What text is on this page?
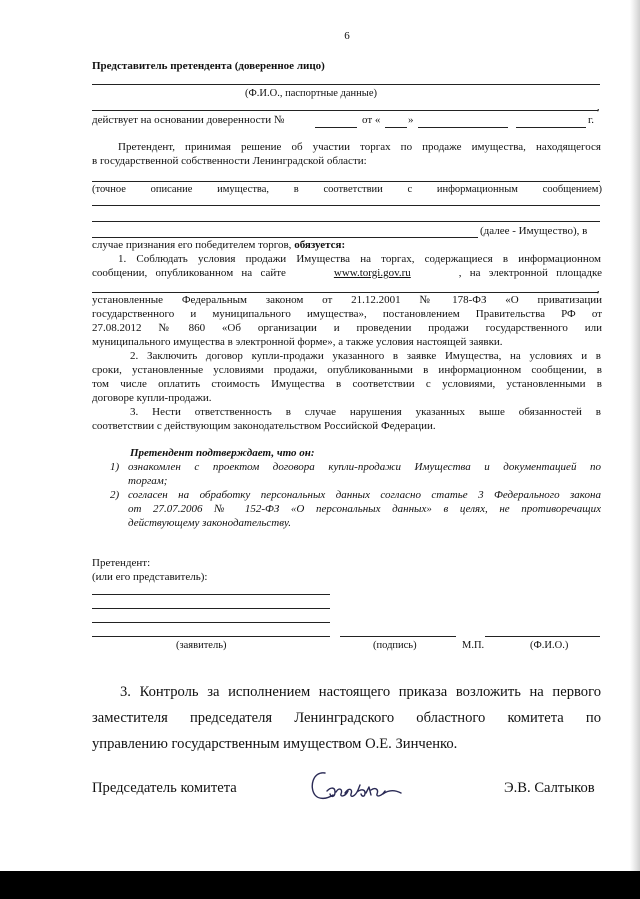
6
Представитель претендента (доверенное лицо)
(Ф.И.О., паспортные данные)
,
действует на основании доверенности №	от «	»	г.
Претендент, принимая решение об участии торгах по продаже имущества, находящегося
в государственной собственности Ленинградской области:
(точное описание имущества, в соответствии с информационным сообщением)
(далее - Имущество), в
случае признания его победителем торгов, обязуется:
1. Соблюдать условия продажи Имущества на торгах, содержащиеся в информационном
сообщении,   опубликованном   на   сайте	www.torgi.gov.ru	,   на   электронной   площадке
,
установленные   Федеральным   законом   от   21.12.2001   №   178-ФЗ   «О   приватизации
государственного и муниципального имущества», постановлением Правительства РФ от
27.08.2012   №   860   «Об   организации   и   проведении   продажи   государственного   или
муниципального имущества в электронной форме», а также условия настоящей заявки.
2. Заключить договор купли-продажи указанного в заявке Имущества, на условиях и в
сроки, установленные условиями продажи, опубликованными в информационном сообщении, в
том числе оплатить стоимость Имущества в соответствии с условиями, установленными в
договоре купли-продажи.
3. Нести ответственность в случае нарушения указанных выше обязанностей в
соответствии с действующим законодательством Российской Федерации.
Претендент подтверждает, что он:
1) ознакомлен с проектом договора купли-продажи Имущества и документацией по
торгам;
2) согласен на обработку персональных данных согласно статье 3 Федерального закона
от 27.07.2006 № 152-ФЗ «О персональных данных» в целях, не противоречащих
действующему законодательству.
Претендент:
(или его представитель):
(заявитель)	(подпись)	М.П.	(Ф.И.О.)
3. Контроль за исполнением настоящего приказа возложить на первого
заместителя   председателя   Ленинградского   областного   комитета   по
управлению государственным имуществом О.Е. Зинченко.
Председатель комитета	Э.В. Салтыков
